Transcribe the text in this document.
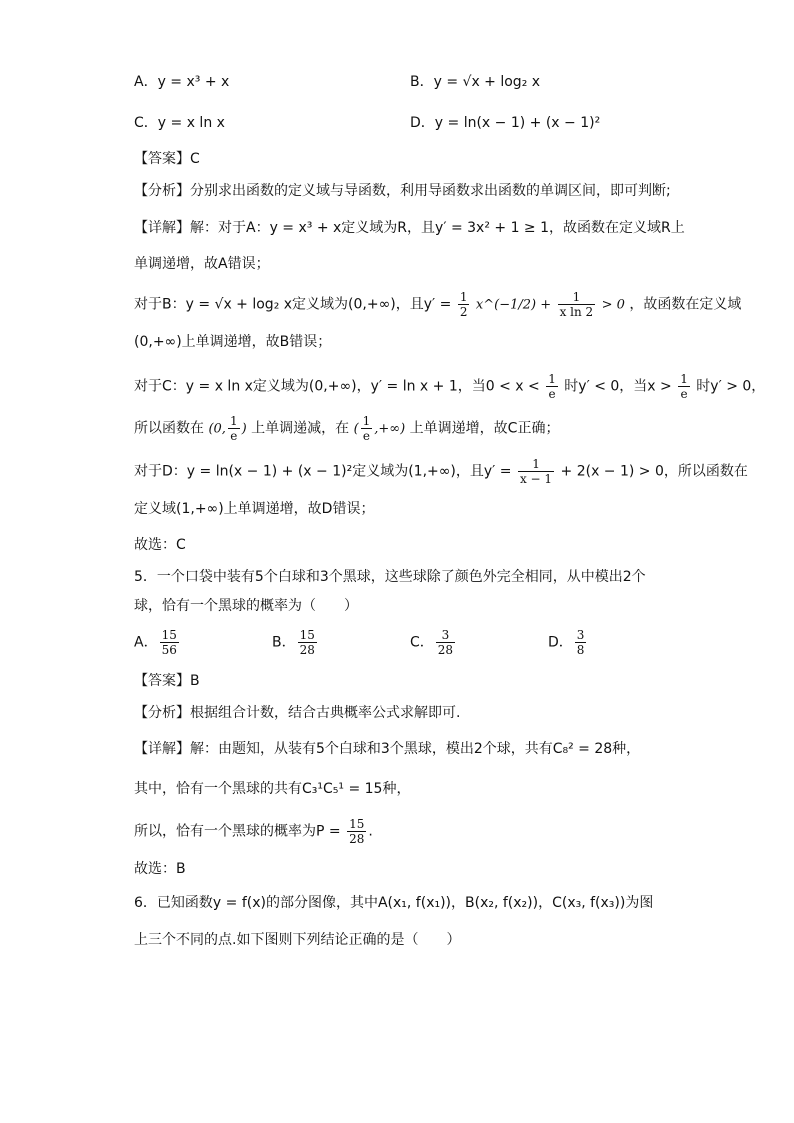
A．y = x³ + x	B．y = √x + log₂ x
C．y = x ln x	D．y = ln(x − 1) + (x − 1)²
【答案】C
【分析】分别求出函数的定义域与导函数，利用导函数求出函数的单调区间，即可判断;
【详解】解：对于A：y = x³ + x定义域为R，且y′ = 3x² + 1 ≥ 1，故函数在定义域R上
单调递增，故A错误；
对于B：y = √x + log₂ x定义域为(0,+∞)，且$y' = \frac{1}{2}$ x^(−1/2) + $\frac{1}{\text{x ln 2}} > 0$ ，故函数在定义域
(0,+∞)上单调递增，故B错误；
对于C：y = x ln x定义域为(0,+∞)，y′ = ln x + 1，当$0 < x < \frac{1}{e}$ 时y′ < 0，当$x > \frac{1}{e}$ 时y′ > 0，
所以函数在 (0, $\frac{1}{e}$ ) 上单调递减，在 ( $\frac{1}{e}$ ,+∞) 上单调递增，故C正确；
对于D：y = ln(x − 1) + (x − 1)²定义域为(1,+∞)，且$y' = \frac{1}{x - 1} + 2(x - 1) > 0$，所以函数在
定义域(1,+∞)上单调递增，故D错误；
故选：C
5．一个口袋中装有5个白球和3个黑球，这些球除了颜色外完全相同，从中模出2个
球，恰有一个黑球的概率为（　　）
A． $\frac{15}{56}$	B． $\frac{15}{28}$	C． $\frac{3}{28}$	D． $\frac{3}{8}$
【答案】B
【分析】根据组合计数，结合古典概率公式求解即可.
【详解】解：由题知，从装有5个白球和3个黑球，模出2个球，共有C₈² = 28种，
其中，恰有一个黑球的共有C₃¹C₅¹ = 15种，
所以，恰有一个黑球的概率为$P = \frac{15}{28}$ .
故选：B
6．已知函数y = f(x)的部分图像，其中A(x₁, f(x₁))，B(x₂, f(x₂))，C(x₃, f(x₃))为图
上三个不同的点.如下图则下列结论正确的是（　　）
